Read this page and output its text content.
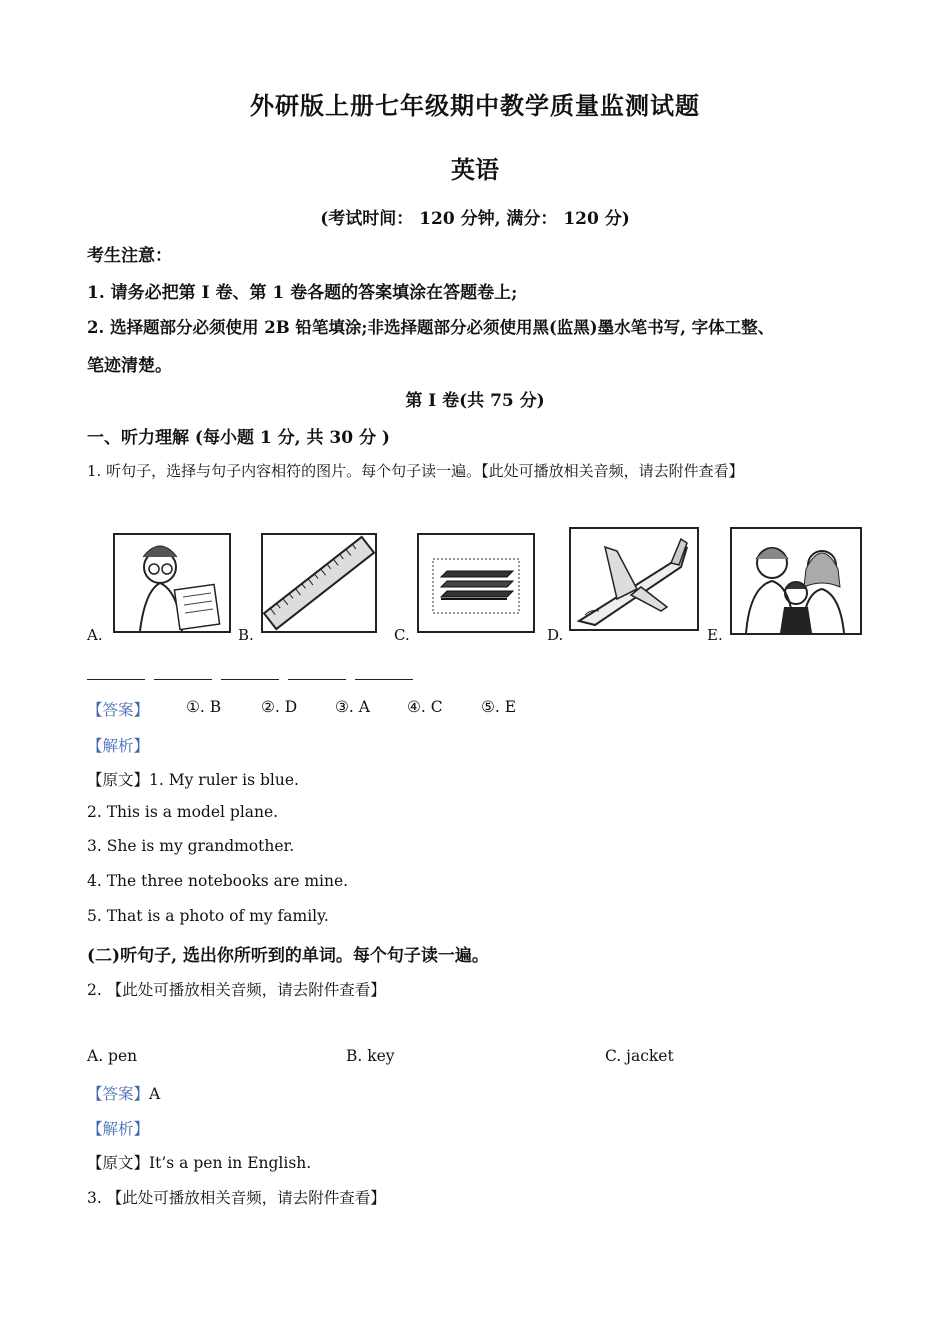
外研版上册七年级期中教学质量监测试题
英语
(考试时间： 120 分钟, 满分： 120 分)
考生注意：
1. 请务必把第 I 卷、第 1 卷各题的答案填涂在答题卷上;
2. 选择题部分必须使用 2B 铅笔填涂;非选择题部分必须使用黑(监黑)墨水笔书写, 字体工整、
笔迹清楚。
第 I 卷(共 75 分)
一、听力理解 (每小题 1 分, 共 30 分 )
1. 听句子，选择与句子内容相符的图片。每个句子读一遍。【此处可播放相关音频，请去附件查看】
A.	B.	C.	D.	E.
【答案】 ①. B	②. D ③. A ④. C ⑤. E
【解析】
【原文】1. My ruler is blue.
2. This is a model plane.
3. She is my grandmother.
4. The three notebooks are mine.
5. That is a photo of my family.
(二)听句子, 选出你所听到的单词。每个句子读一遍。
2. 【此处可播放相关音频，请去附件查看】
A. pen	B. key	C. jacket
【答案】A
【解析】
【原文】It’s a pen in English.
3. 【此处可播放相关音频，请去附件查看】
